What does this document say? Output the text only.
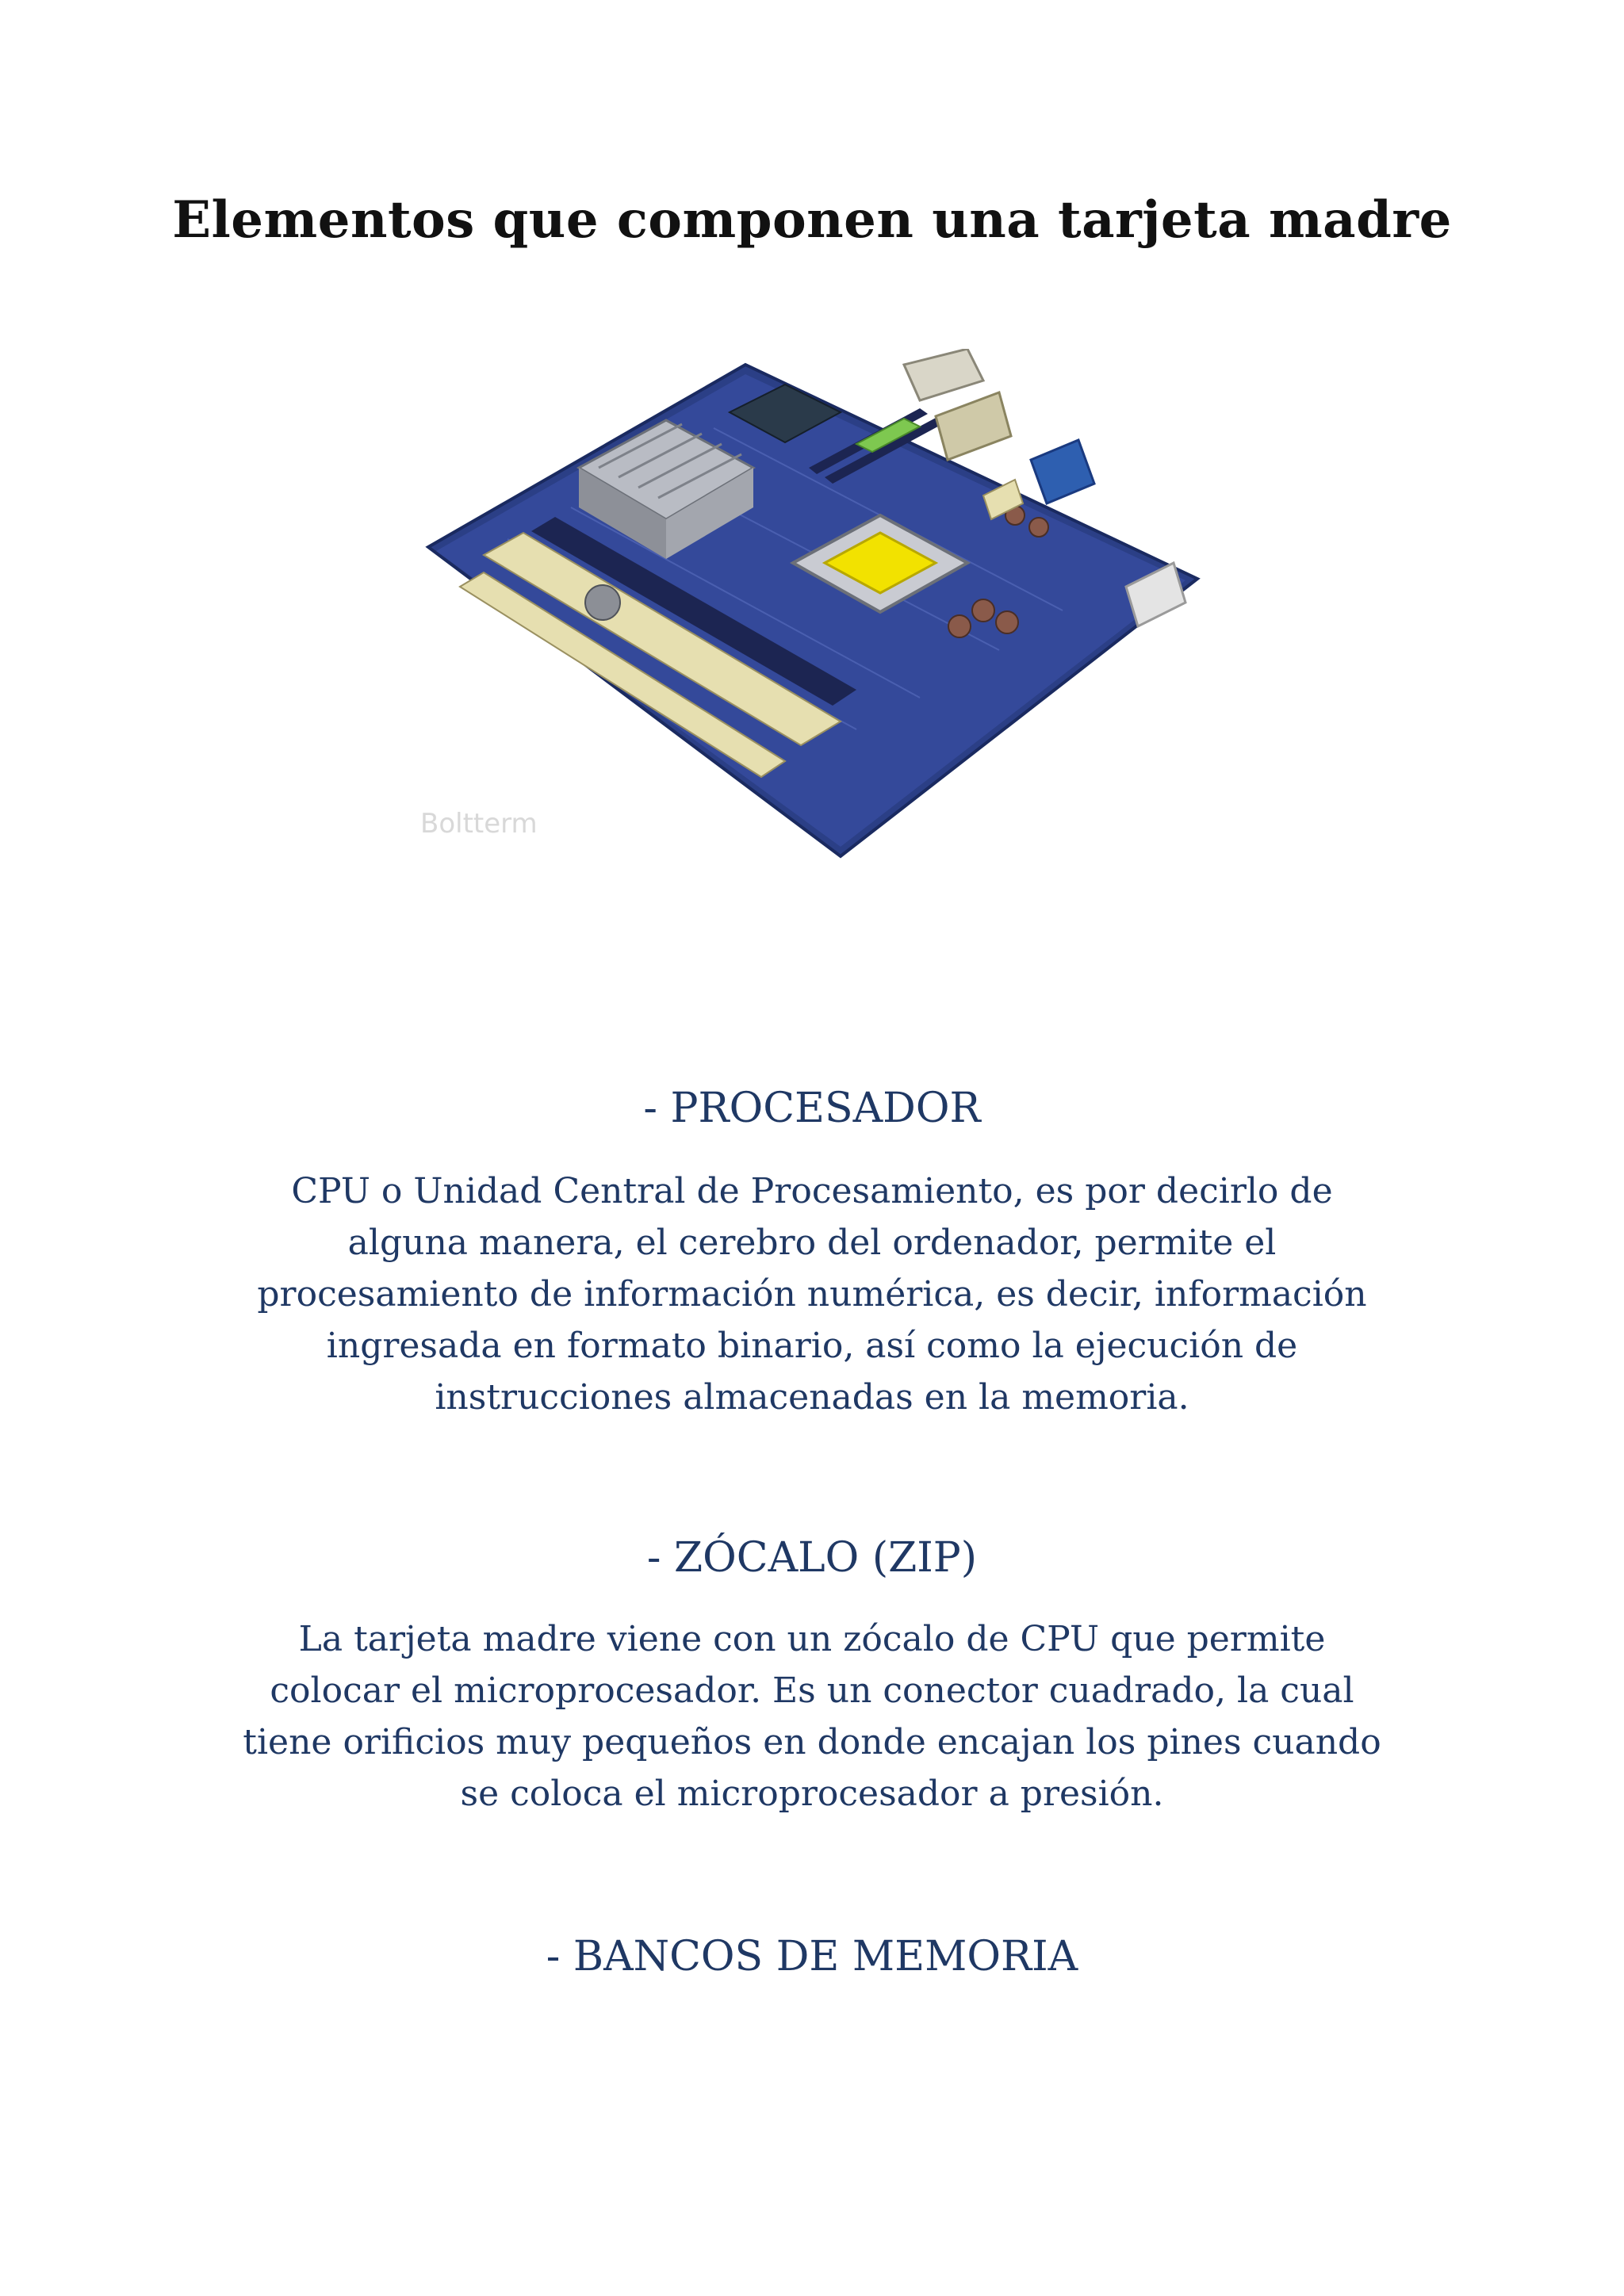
Elementos que componen una tarjeta madre
Boltterm
- PROCESADOR

CPU o Unidad Central de Procesamiento, es por decirlo de alguna manera, el cerebro del ordenador, permite el procesamiento de información numérica, es decir, información ingresada en formato binario, así como la ejecución de instrucciones almacenadas en la memoria.

- ZÓCALO (ZIP)

La tarjeta madre viene con un zócalo de CPU que permite colocar el microprocesador. Es un conector cuadrado, la cual tiene orificios muy pequeños en donde encajan los pines cuando se coloca el microprocesador a presión.

- BANCOS DE MEMORIA
